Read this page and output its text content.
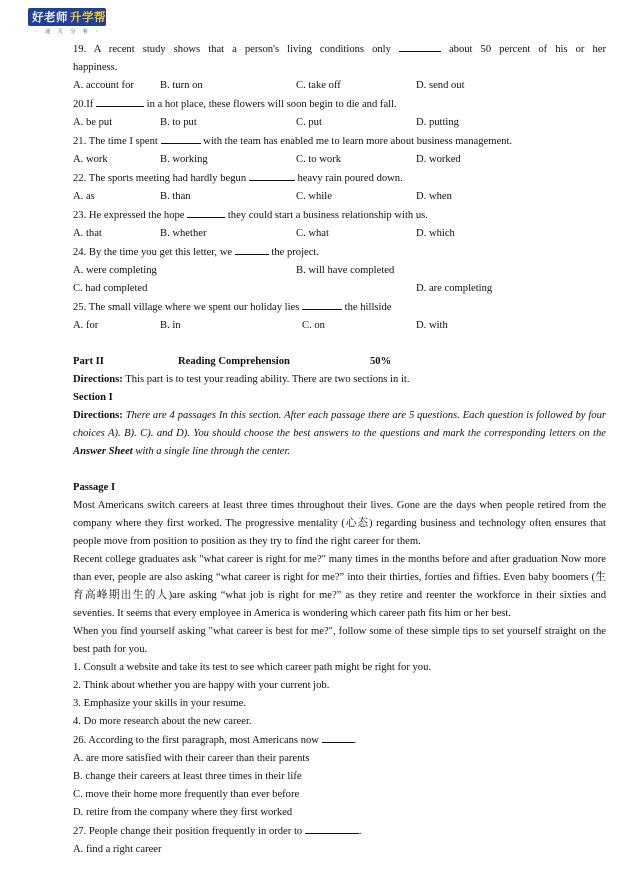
好老师 升学帮
· 通 关 分 析 ·
19. A recent study shows that a person's living conditions only	about 50 percent of his or her
happiness.
A. account for B. turn on	C. take off	D. send out
20.If	in a hot place, these flowers will soon begin to die and fall.
A. be put	B. to put	C. put	D. putting
21. The time I spent	with the team has enabled me to learn more about business management.
A. work	B. working	C. to work	D. worked
22. The sports meeting had hardly begun	heavy rain poured down.
A. as	B. than	C. while	D. when
23. He expressed the hope	they could start a business relationship with us.
A. that	B. whether	C. what	D. which
24. By the time you get this letter, we	the project.
A. were completing	B. will have completed
C. had completed	D. are completing
25. The small village where we spent our holiday lies	the hillside
A. for	B. in	C. on	D. with
Part II	Reading Comprehension	50%
Directions: This part is to test your reading ability. There are two sections in it.
Section I
Directions: There are 4 passages In this section. After each passage there are 5 questions. Each question is followed by four choices A). B). C). and D). You should choose the best answers to the questions and mark the corresponding letters on the Answer Sheet with a single line through the center.
Passage I
Most Americans switch careers at least three times throughout their lives. Gone are the days when people retired from the company where they first worked. The progressive mentality (心态) regarding business and technology often ensures that people move from position to position as they try to find the right career for them.
Recent college graduates ask "what career is right for me?" many times in the months before and after graduation Now more than ever, people are also asking “what career is right for me?” into their thirties, forties and fifties. Even baby boomers (生育高峰期出生的人)are asking “what job is right for me?” as they retire and reenter the workforce in their sixties and seventies. It seems that every employee in America is wondering which career path fits him or her best.
When you find yourself asking "what career is best for me?", follow some of these simple tips to set yourself straight on the best path for you.
1. Consult a website and take its test to see which career path might be right for you.
2. Think about whether you are happy with your current job.
3. Emphasize your skills in your resume.
4. Do more research about the new career.
26. According to the first paragraph, most Americans now	.
A. are more satisfied with their career than their parents
B. change their careers at least three times in their life
C. move their home more frequently than ever before
D. retire from the company where they first worked
27. People change their position frequently in order to	.
A. find a right career
